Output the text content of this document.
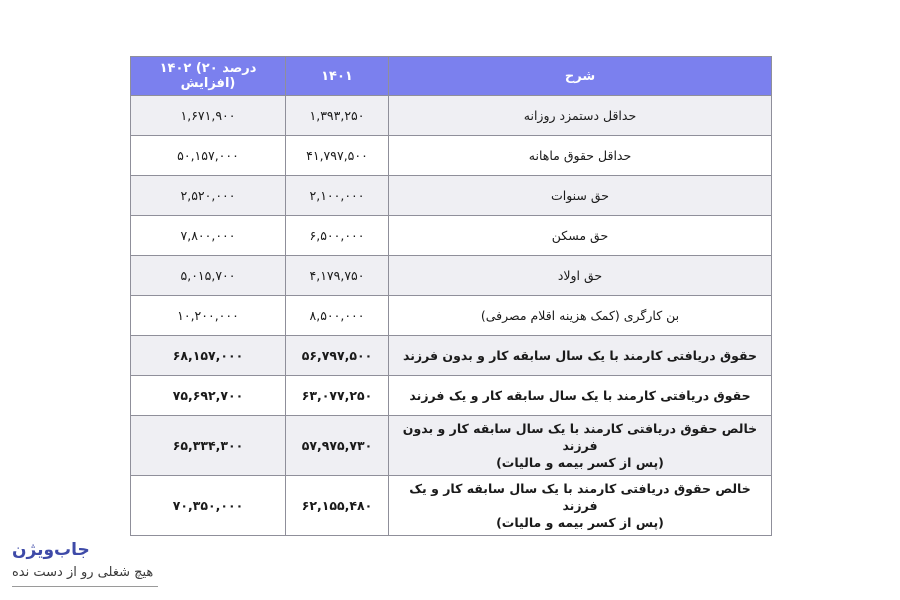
۱۴۰۲ (۲۰ درصد افزایش)	۱۴۰۱	شرح
۱,۶۷۱,۹۰۰	۱,۳۹۳,۲۵۰	حداقل دستمزد روزانه
۵۰,۱۵۷,۰۰۰	۴۱,۷۹۷,۵۰۰	حداقل حقوق ماهانه
۲,۵۲۰,۰۰۰	۲,۱۰۰,۰۰۰	حق سنوات
۷,۸۰۰,۰۰۰	۶,۵۰۰,۰۰۰	حق مسکن
۵,۰۱۵,۷۰۰	۴,۱۷۹,۷۵۰	حق اولاد
۱۰,۲۰۰,۰۰۰	۸,۵۰۰,۰۰۰	بن کارگری (کمک هزینه اقلام مصرفی)
۶۸,۱۵۷,۰۰۰	۵۶,۷۹۷,۵۰۰	حقوق دریافتی کارمند با یک سال سابقه کار و بدون فرزند
۷۵,۶۹۲,۷۰۰	۶۳,۰۷۷,۲۵۰	حقوق دریافتی کارمند با یک سال سابقه کار و یک فرزند
۶۵,۳۳۴,۳۰۰	۵۷,۹۷۵,۷۳۰	خالص حقوق دریافتی کارمند با یک سال سابقه کار و بدون فرزند
(پس از کسر بیمه و مالیات)

۷۰,۳۵۰,۰۰۰	۶۲,۱۵۵,۴۸۰	خالص حقوق دریافتی کارمند با یک سال سابقه کار و یک فرزند
(پس از کسر بیمه و مالیات)
جاب‌ویژن
هیچ شغلی رو از دست نده
